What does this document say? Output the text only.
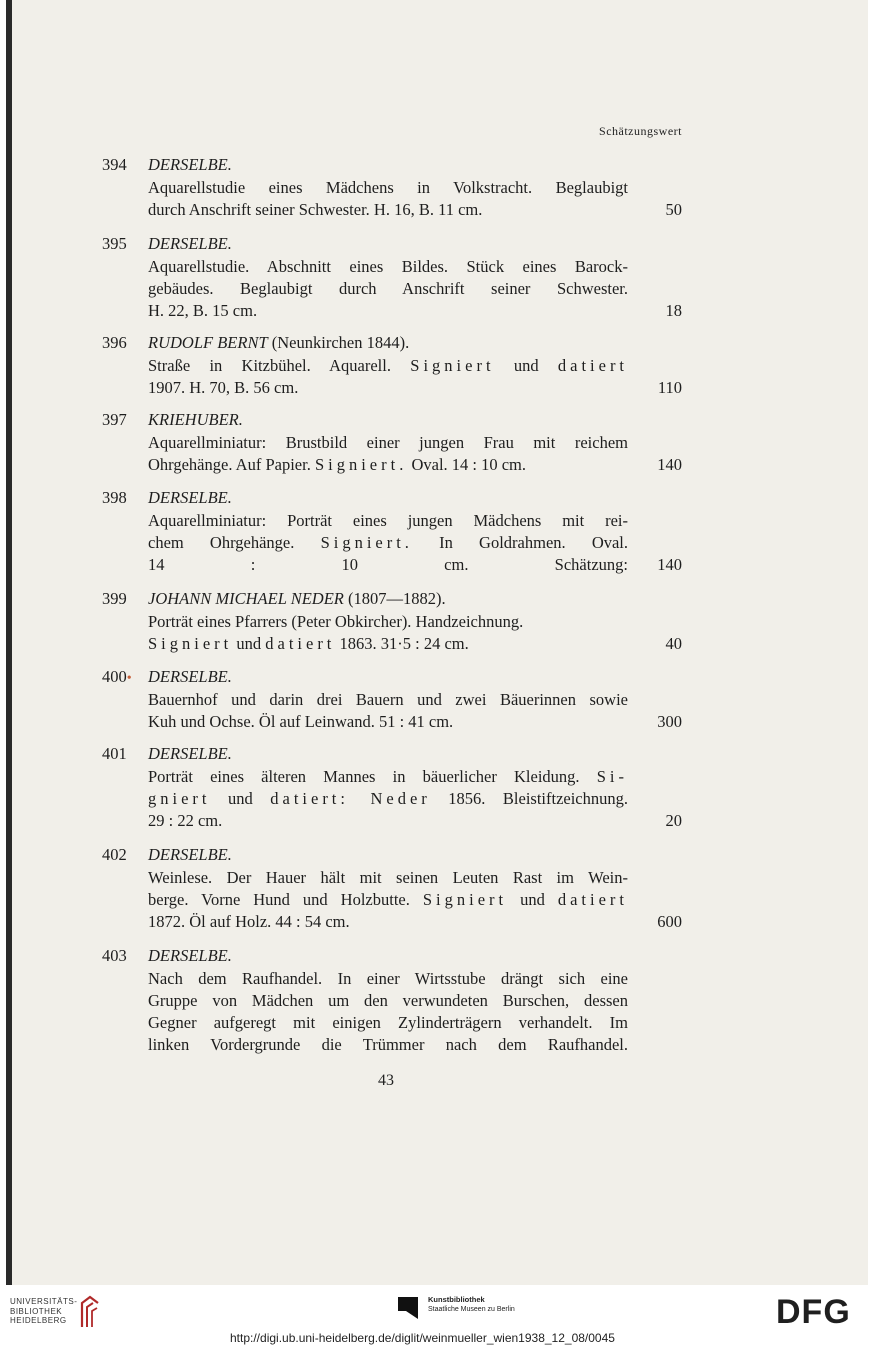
Schätzungswert
394	DERSELBE.
Aquarellstudie eines Mädchens in Volkstracht. Beglaubigt
durch Anschrift seiner Schwester. H. 16, B. 11 cm.	50
395	DERSELBE.
Aquarellstudie. Abschnitt eines Bildes. Stück eines Barock-
gebäudes. Beglaubigt durch Anschrift seiner Schwester.
H. 22, B. 15 cm.	18
396	RUDOLF BERNT (Neunkirchen 1844).
Straße in Kitzbühel. Aquarell. Signiert und datiert
1907. H. 70, B. 56 cm.	110
397	KRIEHUBER.
Aquarellminiatur: Brustbild einer jungen Frau mit reichem
Ohrgehänge. Auf Papier. Signiert. Oval. 14 : 10 cm.	140
398	DERSELBE.
Aquarellminiatur: Porträt eines jungen Mädchens mit rei-
chem Ohrgehänge. Signiert. In Goldrahmen. Oval.
14 : 10 cm.	Schätzung: 140
399	JOHANN MICHAEL NEDER (1807—1882).
Porträt eines Pfarrers (Peter Obkircher). Handzeichnung.
Signiert und datiert 1863. 31·5 : 24 cm.	40
400• DERSELBE.
Bauernhof und darin drei Bauern und zwei Bäuerinnen sowie
Kuh und Ochse. Öl auf Leinwand. 51 : 41 cm.	300
401	DERSELBE.
Porträt eines älteren Mannes in bäuerlicher Kleidung. Si-
gniert und datiert: Neder 1856. Bleistiftzeichnung.
29 : 22 cm.	20
402	DERSELBE.
Weinlese. Der Hauer hält mit seinen Leuten Rast im Wein-
berge. Vorne Hund und Holzbutte. Signiert und datiert
1872. Öl auf Holz. 44 : 54 cm.	600
403	DERSELBE.
Nach dem Raufhandel. In einer Wirtsstube drängt sich eine
Gruppe von Mädchen um den verwundeten Burschen, dessen
Gegner aufgeregt mit einigen Zylinderträgern verhandelt. Im
linken Vordergrunde die Trümmer nach dem Raufhandel.
43
UNIVERSITÄTS-
BIBLIOTHEK
HEIDELBERG
Kunstbibliothek
Staatliche Museen zu Berlin	DFG
http://digi.ub.uni-heidelberg.de/diglit/weinmueller_wien1938_12_08/0045
